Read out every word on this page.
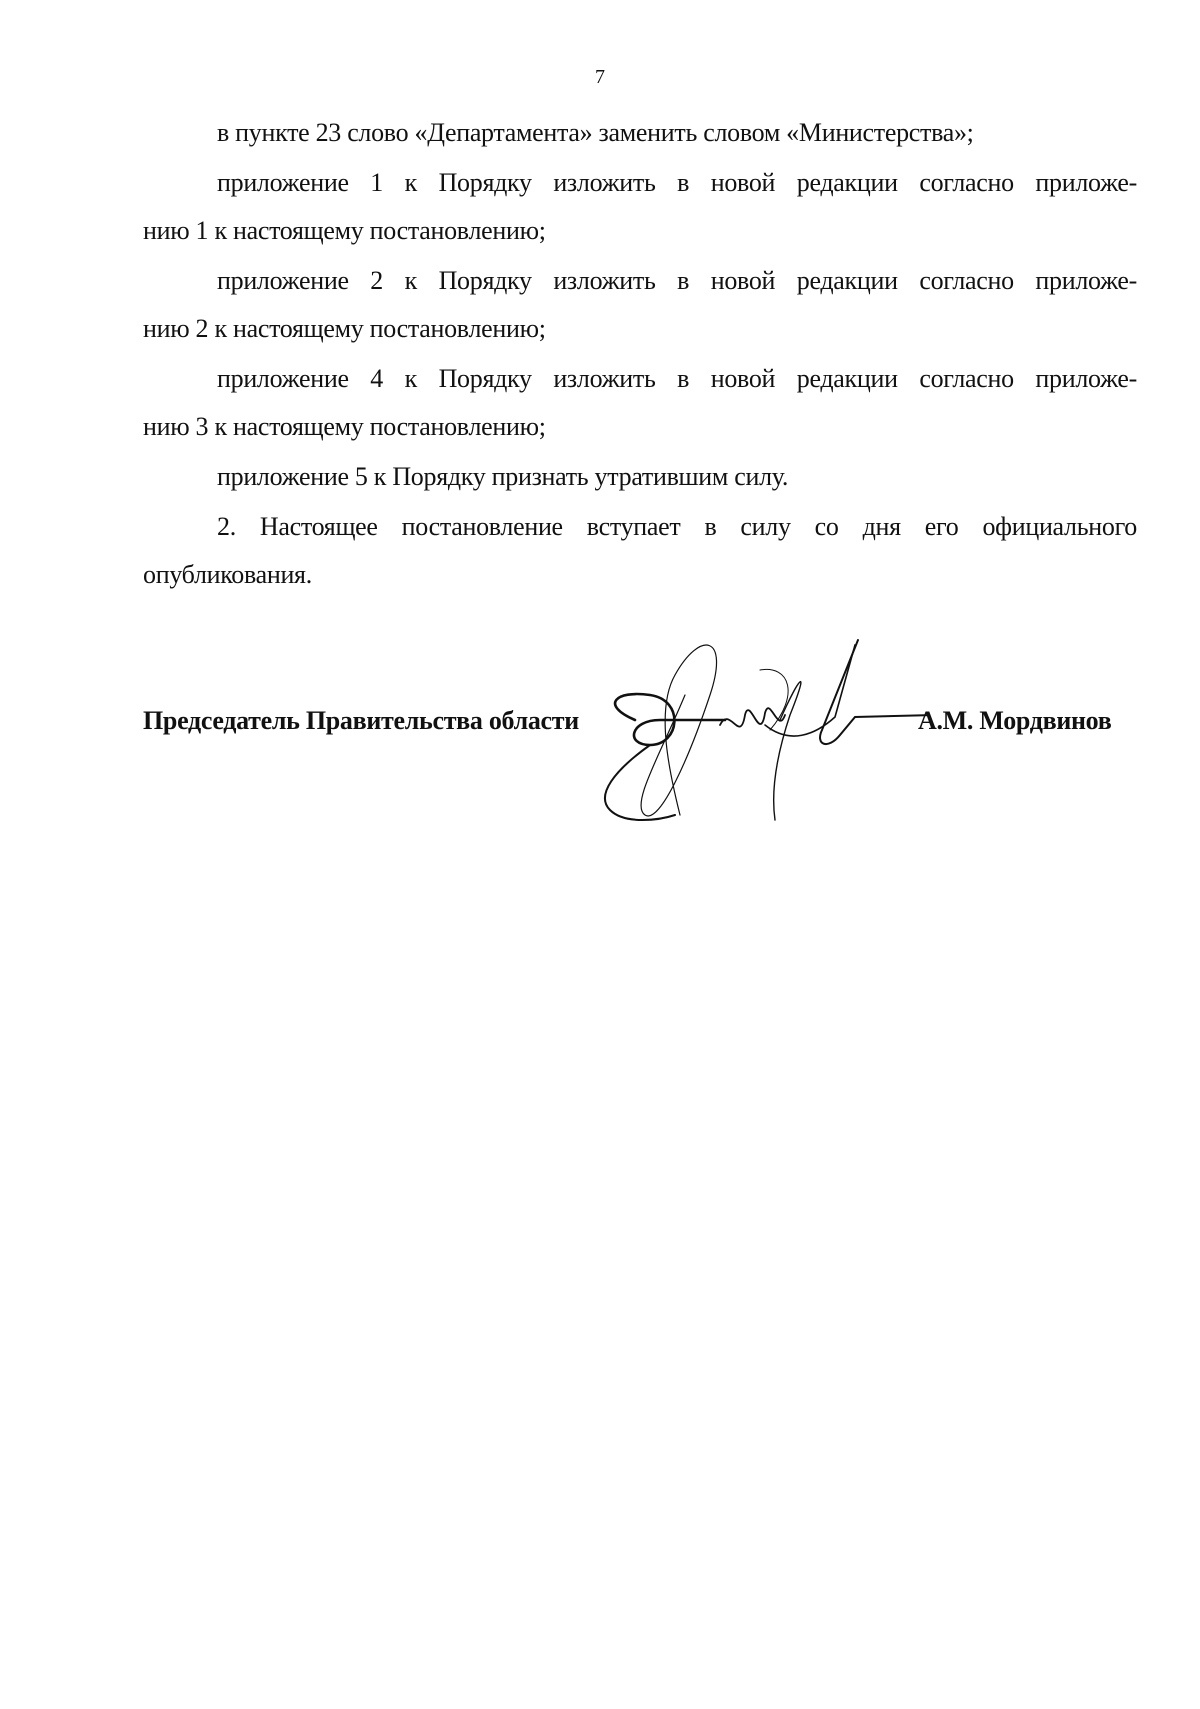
7
в пункте 23 слово «Департамента» заменить словом «Министерства»;
приложение 1 к Порядку изложить в новой редакции согласно приложе-
нию 1 к настоящему постановлению;
приложение 2 к Порядку изложить в новой редакции согласно приложе-
нию 2 к настоящему постановлению;
приложение 4 к Порядку изложить в новой редакции согласно приложе-
нию 3 к настоящему постановлению;
приложение 5 к Порядку признать утратившим силу.
2. Настоящее постановление вступает в силу со дня его официального
опубликования.
Председатель Правительства области	А.М. Мордвинов
